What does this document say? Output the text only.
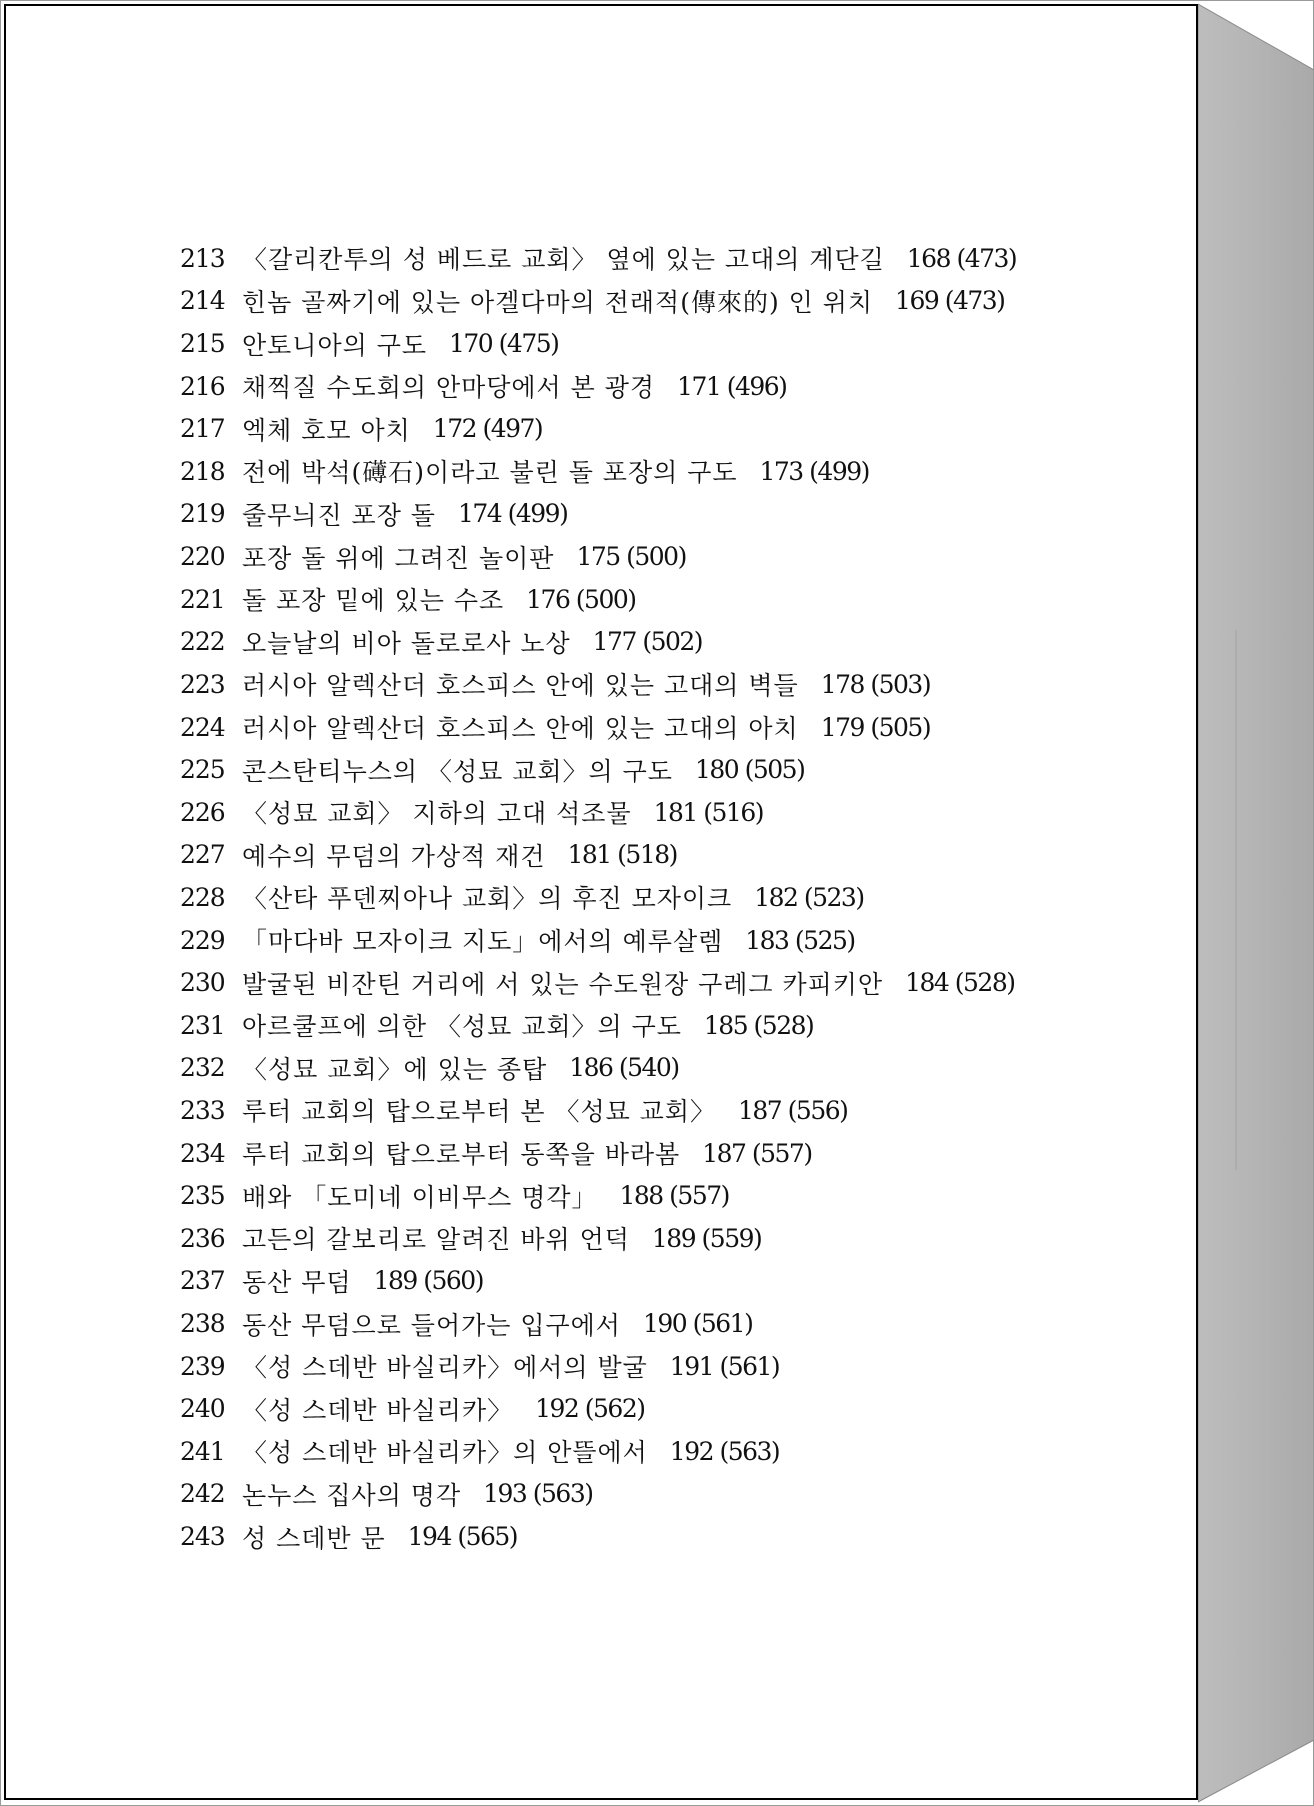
213 〈갈리칸투의 성 베드로 교회〉 옆에 있는 고대의 계단길 168 (473)
214 힌놈 골짜기에 있는 아겔다마의 전래적(傳來的) 인 위치 169 (473)
215 안토니아의 구도 170 (475)
216 채찍질 수도회의 안마당에서 본 광경 171 (496)
217 엑체 호모 아치 172 (497)
218 전에 박석(礡石)이라고 불린 돌 포장의 구도 173 (499)
219 줄무늬진 포장 돌 174 (499)
220 포장 돌 위에 그려진 놀이판 175 (500)
221 돌 포장 밑에 있는 수조 176 (500)
222 오늘날의 비아 돌로로사 노상 177 (502)
223 러시아 알렉산더 호스피스 안에 있는 고대의 벽들 178 (503)
224 러시아 알렉산더 호스피스 안에 있는 고대의 아치 179 (505)
225 콘스탄티누스의 〈성묘 교회〉의 구도 180 (505)
226 〈성묘 교회〉 지하의 고대 석조물 181 (516)
227 예수의 무덤의 가상적 재건 181 (518)
228 〈산타 푸덴찌아나 교회〉의 후진 모자이크 182 (523)
229 「마다바 모자이크 지도」에서의 예루살렘 183 (525)
230 발굴된 비잔틴 거리에 서 있는 수도원장 구레그 카피키안 184 (528)
231 아르쿨프에 의한 〈성묘 교회〉의 구도 185 (528)
232 〈성묘 교회〉에 있는 종탑 186 (540)
233 루터 교회의 탑으로부터 본 〈성묘 교회〉 187 (556)
234 루터 교회의 탑으로부터 동쪽을 바라봄 187 (557)
235 배와 「도미네 이비무스 명각」 188 (557)
236 고든의 갈보리로 알려진 바위 언덕 189 (559)
237 동산 무덤 189 (560)
238 동산 무덤으로 들어가는 입구에서 190 (561)
239 〈성 스데반 바실리카〉에서의 발굴 191 (561)
240 〈성 스데반 바실리카〉 192 (562)
241 〈성 스데반 바실리카〉의 안뜰에서 192 (563)
242 논누스 집사의 명각 193 (563)
243 성 스데반 문 194 (565)
